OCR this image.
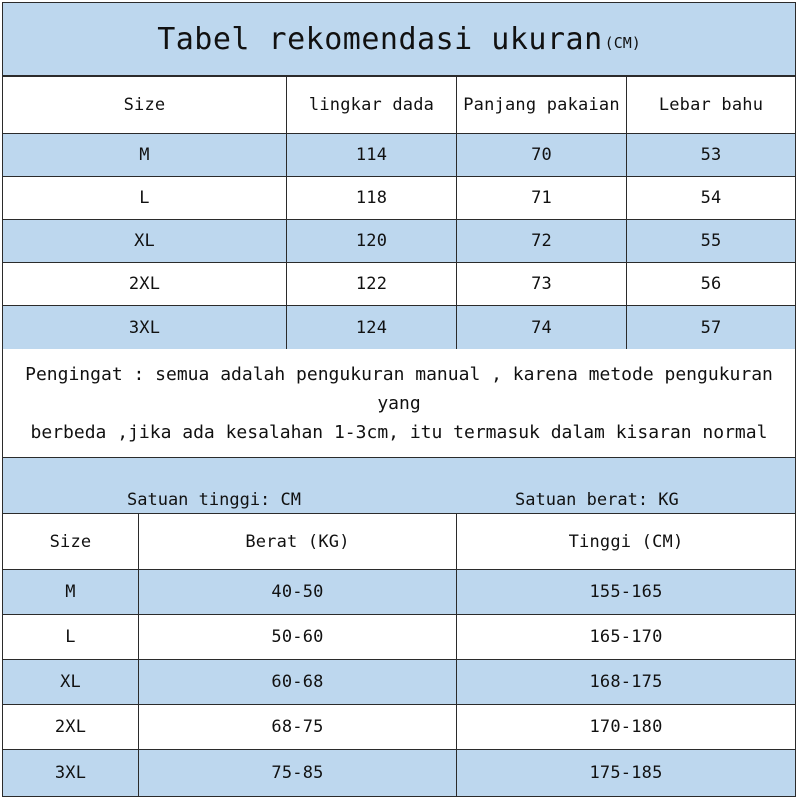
Tabel rekomendasi ukuran (CM)
Size	lingkar dada	Panjang pakaian	Lebar bahu
M	114	70	53
L	118	71	54
XL	120	72	55
2XL	122	73	56
3XL	124	74	57
Pengingat : semua adalah pengukuran manual , karena metode pengukuran yang
berbeda ,jika ada kesalahan 1-3cm, itu termasuk dalam kisaran normal
Satuan tinggi: CM	Satuan berat: KG
Size	Berat (KG)	Tinggi (CM)
M	40-50	155-165
L	50-60	165-170
XL	60-68	168-175
2XL	68-75	170-180
3XL	75-85	175-185
